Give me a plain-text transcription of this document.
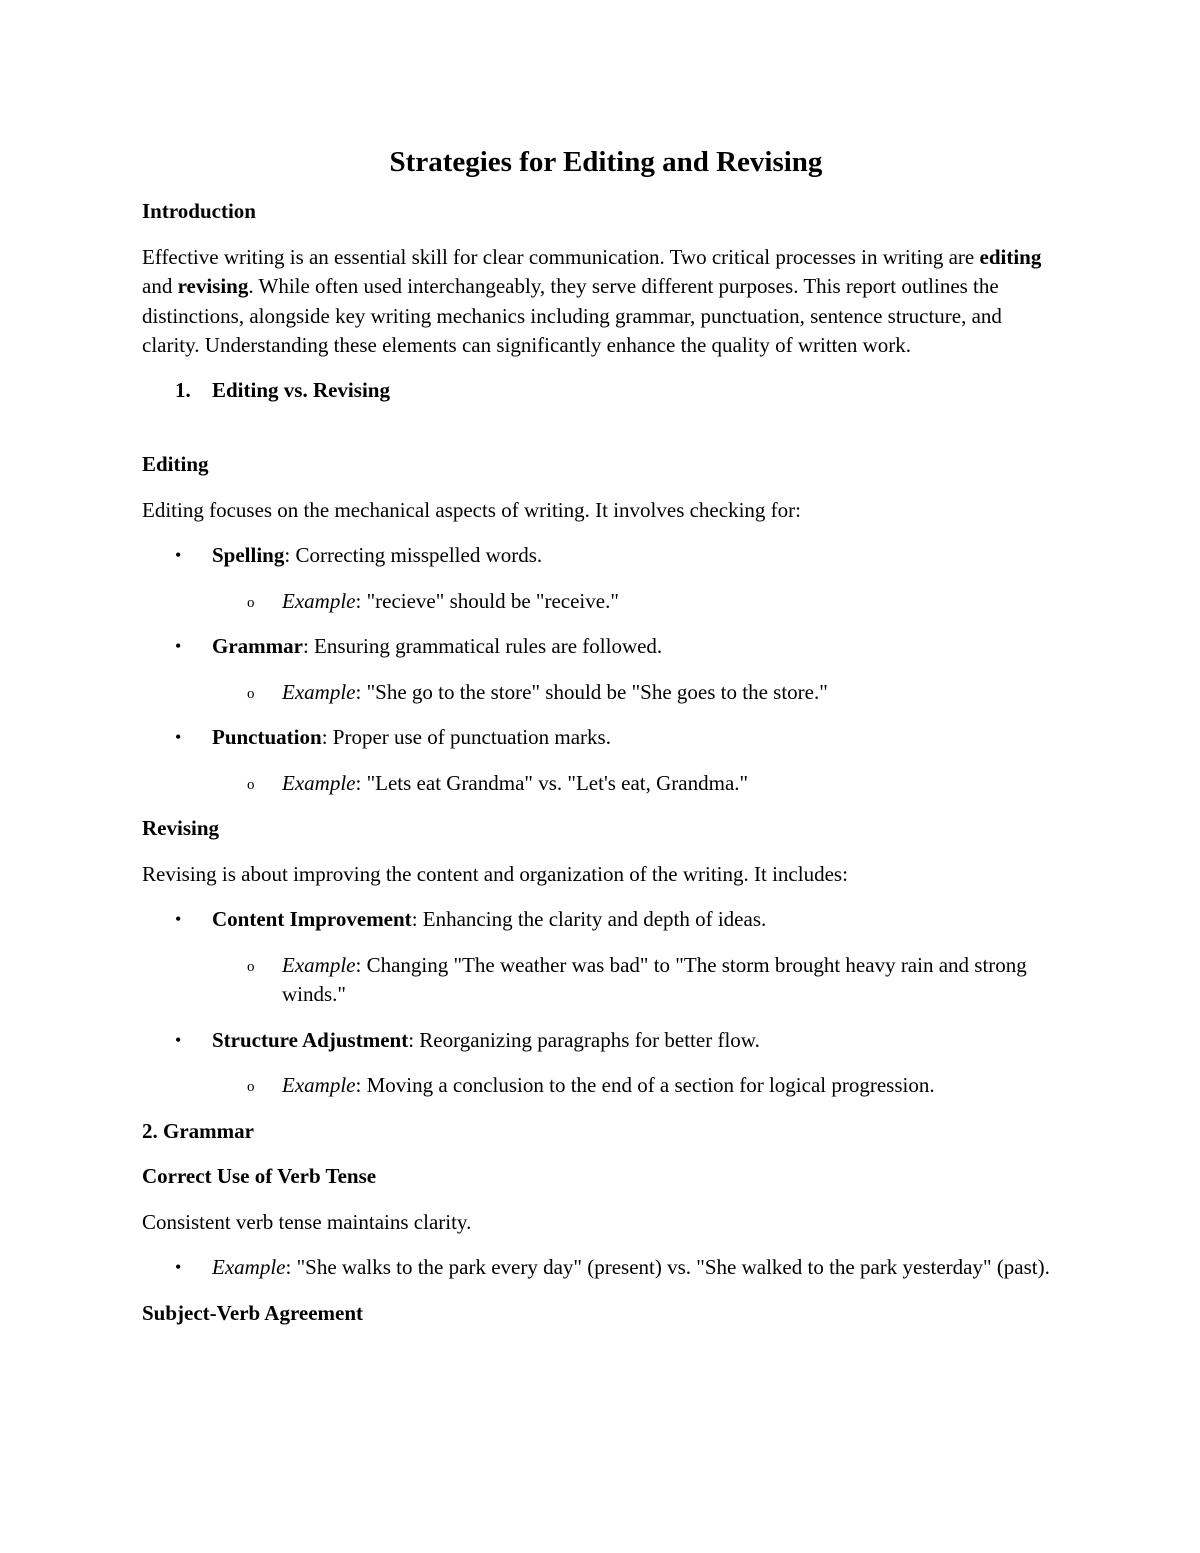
Strategies for Editing and Revising

Introduction

Effective writing is an essential skill for clear communication. Two critical processes in writing are editing and revising. While often used interchangeably, they serve different purposes. This report outlines the distinctions, alongside key writing mechanics including grammar, punctuation, sentence structure, and clarity. Understanding these elements can significantly enhance the quality of written work.

1. Editing vs. Revising

Editing

Editing focuses on the mechanical aspects of writing. It involves checking for:

• Spelling: Correcting misspelled words.
o Example: "recieve" should be "receive."
• Grammar: Ensuring grammatical rules are followed.
o Example: "She go to the store" should be "She goes to the store."
• Punctuation: Proper use of punctuation marks.
o Example: "Lets eat Grandma" vs. "Let's eat, Grandma."

Revising

Revising is about improving the content and organization of the writing. It includes:

• Content Improvement: Enhancing the clarity and depth of ideas.
o Example: Changing "The weather was bad" to "The storm brought heavy rain and strong winds."
• Structure Adjustment: Reorganizing paragraphs for better flow.
o Example: Moving a conclusion to the end of a section for logical progression.

2. Grammar

Correct Use of Verb Tense

Consistent verb tense maintains clarity.

• Example: "She walks to the park every day" (present) vs. "She walked to the park yesterday" (past).

Subject-Verb Agreement
